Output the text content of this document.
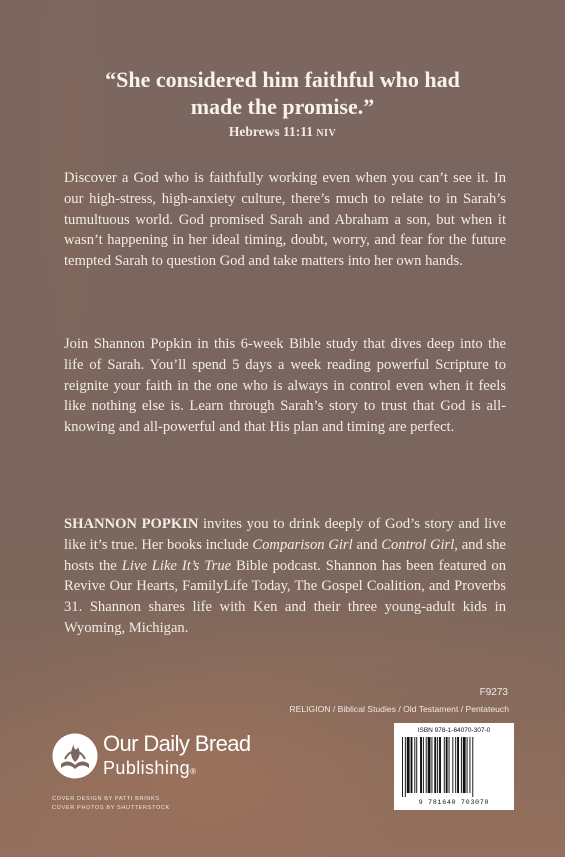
“She considered him faithful who had
made the promise.”
Hebrews 11:11 NIV

Discover a God who is faithfully working even when you can’t see it. In our high-stress, high-anxiety culture, there’s much to relate to in Sarah’s tumultuous world. God promised Sarah and Abraham a son, but when it wasn’t happening in her ideal timing, doubt, worry, and fear for the future tempted Sarah to question God and take matters into her own hands.

Join Shannon Popkin in this 6-week Bible study that dives deep into the life of Sarah. You’ll spend 5 days a week reading powerful Scripture to reignite your faith in the one who is always in control even when it feels like nothing else is. Learn through Sarah’s story to trust that God is all-knowing and all-powerful and that His plan and timing are perfect.

SHANNON POPKIN invites you to drink deeply of God’s story and live like it’s true. Her books include Comparison Girl and Control Girl, and she hosts the Live Like It’s True Bible podcast. Shannon has been featured on Revive Our Hearts, FamilyLife Today, The Gospel Coalition, and Proverbs 31. Shannon shares life with Ken and their three young-adult kids in Wyoming, Michigan.

F9273
RELIGION / Biblical Studies / Old Testament / Pentateuch
Our Daily Bread
Publishing®
COVER DESIGN BY PATTI BRINKS
COVER PHOTOS BY SHUTTERSTOCK
ISBN 978-1-64070-307-0
9 781640 703070
